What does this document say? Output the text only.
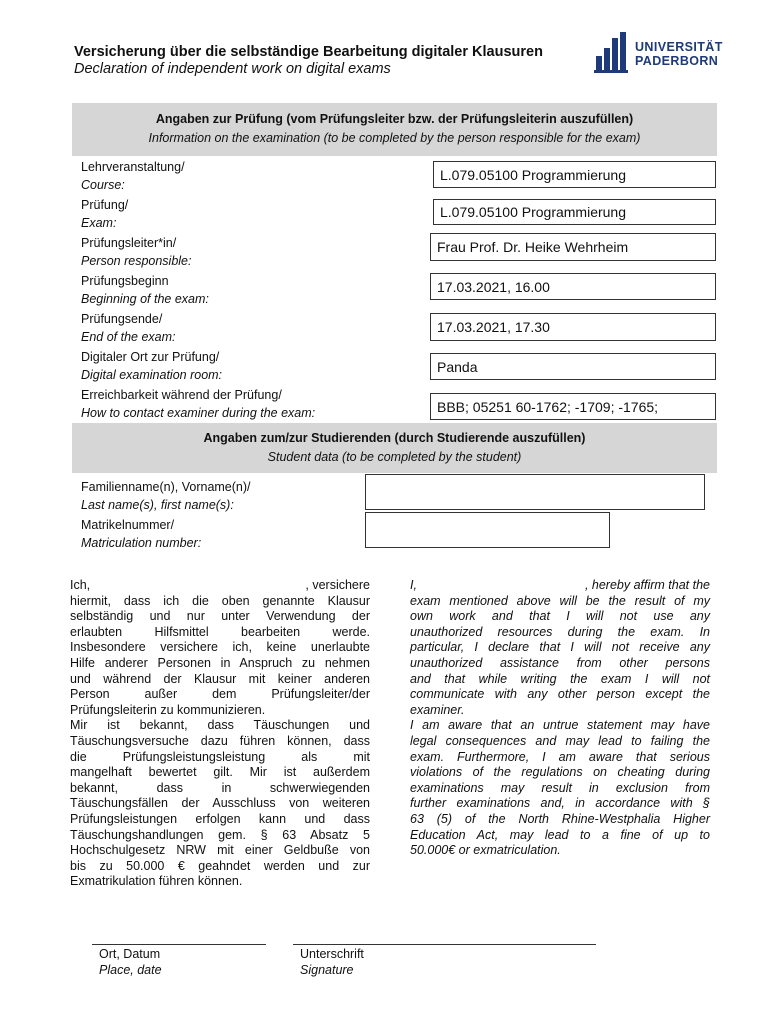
Versicherung über die selbständige Bearbeitung digitaler Klausuren
Declaration of independent work on digital exams
UNIVERSITÄT
PADERBORN
Angaben zur Prüfung (vom Prüfungsleiter bzw. der Prüfungsleiterin auszufüllen)
Information on the examination (to be completed by the person responsible for the exam)
Lehrveranstaltung/
Course:
Prüfung/
Exam:
Prüfungsleiter*in/
Person responsible:
Prüfungsbeginn
Beginning of the exam:
Prüfungsende/
End of the exam:
Digitaler Ort zur Prüfung/
Digital examination room:
Erreichbarkeit während der Prüfung/
How to contact examiner during the exam:
L.079.05100 Programmierung
L.079.05100 Programmierung
Frau Prof. Dr. Heike Wehrheim
17.03.2021, 16.00
17.03.2021, 17.30
Panda
BBB; 05251 60-1762; -1709; -1765;
Angaben zum/zur Studierenden (durch Studierende auszufüllen)
Student data (to be completed by the student)
Familienname(n), Vorname(n)/
Last name(s), first name(s):
Matrikelnummer/
Matriculation number:
Ich,	, versichere
hiermit, dass ich die oben genannte Klausur
selbständig und nur unter Verwendung der
erlaubten Hilfsmittel bearbeiten werde.
Insbesondere versichere ich, keine unerlaubte
Hilfe anderer Personen in Anspruch zu nehmen
und während der Klausur mit keiner anderen
Person außer dem Prüfungsleiter/der
Prüfungsleiterin zu kommunizieren.
Mir ist bekannt, dass Täuschungen und
Täuschungsversuche dazu führen können, dass
die Prüfungsleistungsleistung als mit
mangelhaft bewertet gilt. Mir ist außerdem
bekannt, dass in schwerwiegenden
Täuschungsfällen der Ausschluss von weiteren
Prüfungsleistungen erfolgen kann und dass
Täuschungshandlungen gem. § 63 Absatz 5
Hochschulgesetz NRW mit einer Geldbuße von
bis zu 50.000 € geahndet werden und zur
Exmatrikulation führen können.
I,	, hereby affirm that the
exam mentioned above will be the result of my
own work and that I will not use any
unauthorized resources during the exam. In
particular, I declare that I will not receive any
unauthorized assistance from other persons
and that while writing the exam I will not
communicate with any other person except the
examiner.
I am aware that an untrue statement may have
legal consequences and may lead to failing the
exam. Furthermore, I am aware that serious
violations of the regulations on cheating during
examinations may result in exclusion from
further examinations and, in accordance with §
63 (5) of the North Rhine-Westphalia Higher
Education Act, may lead to a fine of up to
50.000€ or exmatriculation.
Ort, Datum
Place, date
Unterschrift
Signature
